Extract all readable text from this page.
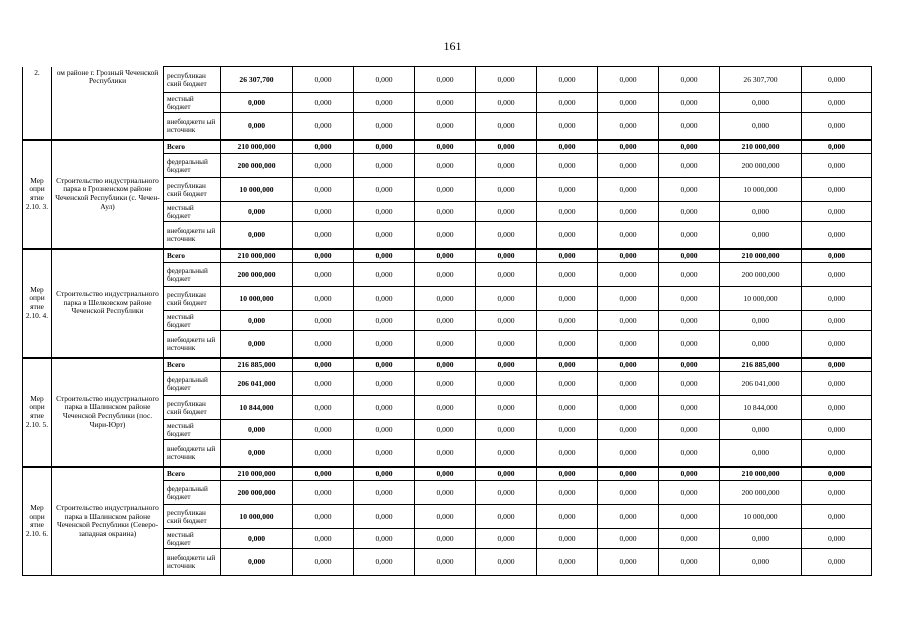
161
2.	ом районе г. Грозный Чеченской Республики	республикан ский бюджет	26 307,700	0,000	0,000	0,000	0,000	0,000	0,000	0,000	26 307,700	0,000
		местный бюджет	0,000	0,000	0,000	0,000	0,000	0,000	0,000	0,000	0,000	0,000
		внебюджетн ый источник	0,000	0,000	0,000	0,000	0,000	0,000	0,000	0,000	0,000	0,000
Мер опри ятие 2.10. 3.	Строительство индустриального парка в Грозненском районе Чеченской Республики (с. Чечен-Аул)	Всего	210 000,000	0,000	0,000	0,000	0,000	0,000	0,000	0,000	210 000,000	0,000
		федеральный бюджет	200 000,000	0,000	0,000	0,000	0,000	0,000	0,000	0,000	200 000,000	0,000
		республикан ский бюджет	10 000,000	0,000	0,000	0,000	0,000	0,000	0,000	0,000	10 000,000	0,000
		местный бюджет	0,000	0,000	0,000	0,000	0,000	0,000	0,000	0,000	0,000	0,000
		внебюджетн ый источник	0,000	0,000	0,000	0,000	0,000	0,000	0,000	0,000	0,000	0,000
Мер опри ятие 2.10. 4.	Строительство индустриального парка в Шелковском районе Чеченской Республики	Всего	210 000,000	0,000	0,000	0,000	0,000	0,000	0,000	0,000	210 000,000	0,000
		федеральный бюджет	200 000,000	0,000	0,000	0,000	0,000	0,000	0,000	0,000	200 000,000	0,000
		республикан ский бюджет	10 000,000	0,000	0,000	0,000	0,000	0,000	0,000	0,000	10 000,000	0,000
		местный бюджет	0,000	0,000	0,000	0,000	0,000	0,000	0,000	0,000	0,000	0,000
		внебюджетн ый источник	0,000	0,000	0,000	0,000	0,000	0,000	0,000	0,000	0,000	0,000
Мер опри ятие 2.10. 5.	Строительство индустриального парка в Шалинском районе Чеченской Республики (пос. Чири-Юрт)	Всего	216 885,000	0,000	0,000	0,000	0,000	0,000	0,000	0,000	216 885,000	0,000
		федеральный бюджет	206 041,000	0,000	0,000	0,000	0,000	0,000	0,000	0,000	206 041,000	0,000
		республикан ский бюджет	10 844,000	0,000	0,000	0,000	0,000	0,000	0,000	0,000	10 844,000	0,000
		местный бюджет	0,000	0,000	0,000	0,000	0,000	0,000	0,000	0,000	0,000	0,000
		внебюджетн ый источник	0,000	0,000	0,000	0,000	0,000	0,000	0,000	0,000	0,000	0,000
Мер опри ятие 2.10. 6.	Строительство индустриального парка в Шалинском районе Чеченской Республики (Северо-западная окраина)	Всего	210 000,000	0,000	0,000	0,000	0,000	0,000	0,000	0,000	210 000,000	0,000
		федеральный бюджет	200 000,000	0,000	0,000	0,000	0,000	0,000	0,000	0,000	200 000,000	0,000
		республикан ский бюджет	10 000,000	0,000	0,000	0,000	0,000	0,000	0,000	0,000	10 000,000	0,000
		местный бюджет	0,000	0,000	0,000	0,000	0,000	0,000	0,000	0,000	0,000	0,000
		внебюджетн ый источник	0,000	0,000	0,000	0,000	0,000	0,000	0,000	0,000	0,000	0,000
